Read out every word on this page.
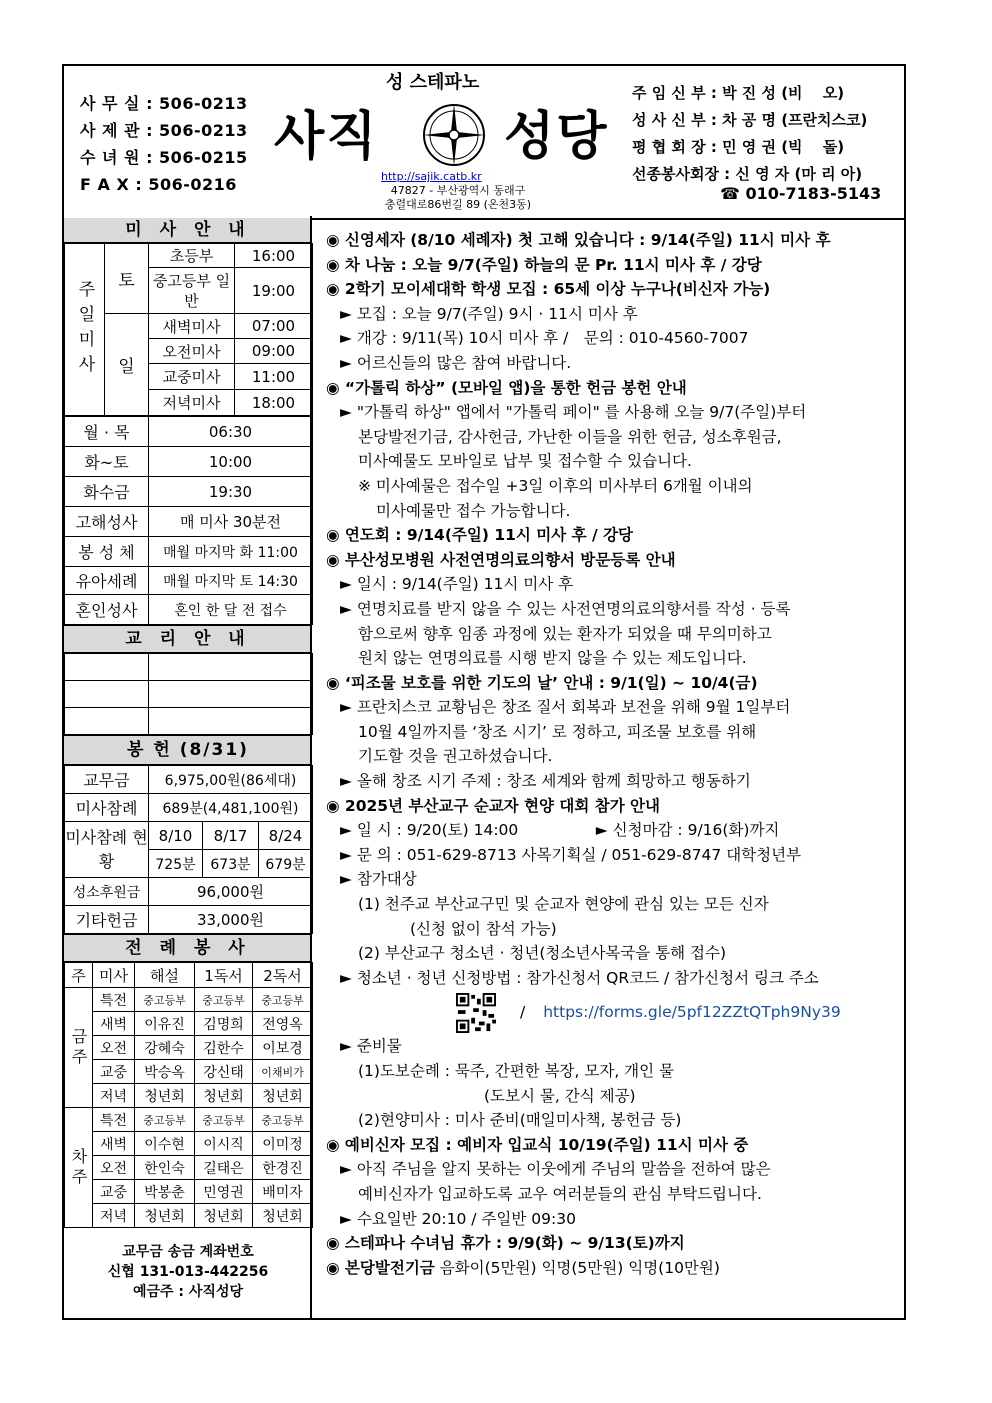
사 무 실 : 506-0213
사 제 관 : 506-0213
수 녀 원 : 506-0215
F A X : 506-0216
성 스테파노
사직 성당
http://sajik.catb.kr
47827 - 부산광역시 동래구
충렬대로86번길 89 (온천3동)
주 임 신 부 : 박 진 성 (비　 오)
성 사 신 부 : 차 공 명 (프란치스코)
평 협 회 장 : 민 영 권 (빅　 돌)
선종봉사회장 : 신 영 자 (마 리 아)
☎ 010-7183-5143
미 사 안 내
주일미사	토	초등부	16:00
		중고등부 일반	19:00
	일	새벽미사	07:00
		오전미사	09:00
		교중미사	11:00
		저녁미사	18:00
월 · 목	06:30
화~토	10:00
화수금	19:30
고해성사	매 미사 30분전
봉 성 체	매월 마지막 화 11:00
유아세례	매월 마지막 토 14:30
혼인성사	혼인 한 달 전 접수
교 리 안 내

봉 헌 (8/31)
교무금	6,975,00원(86세대)		
미사참례	689분(4,481,100원)		
미사참례 현황	8/10	8/17	8/24
	725분	673분	679분
성소후원금	96,000원		
기타헌금	33,000원		
전 례 봉 사
주	미사	해설	1독서	2독서
금주	특전	중고등부	중고등부	중고등부
	새벽	이유진	김명희	전영옥
	오전	강혜숙	김한수	이보경
	교중	박승옥	강신태	이채비가
	저녁	청년회	청년회	청년회
차주	특전	중고등부	중고등부	중고등부
	새벽	이수현	이시직	이미정
	오전	한인숙	길태은	한경진
	교중	박봉춘	민영권	배미자
	저녁	청년회	청년회	청년회
교무금 송금 계좌번호
신협 131-013-442256
예금주 : 사직성당
◉ 신영세자 (8/10 세례자) 첫 고해 있습니다 : 9/14(주일) 11시 미사 후
◉ 차 나눔 : 오늘 9/7(주일) 하늘의 문 Pr. 11시 미사 후 / 강당
◉ 2학기 모이세대학 학생 모집 : 65세 이상 누구나(비신자 가능)
► 모집 : 오늘 9/7(주일) 9시 · 11시 미사 후
► 개강 : 9/11(목) 10시 미사 후 /　문의 : 010-4560-7007
► 어르신들의 많은 참여 바랍니다.
◉ “가톨릭 하상” (모바일 앱)을 통한 헌금 봉헌 안내
► "가톨릭 하상" 앱에서 "가톨릭 페이" 를 사용해 오늘 9/7(주일)부터
본당발전기금, 감사헌금, 가난한 이들을 위한 헌금, 성소후원금,
미사예물도 모바일로 납부 및 접수할 수 있습니다.
※ 미사예물은 접수일 +3일 이후의 미사부터 6개월 이내의
미사예물만 접수 가능합니다.
◉ 연도회 : 9/14(주일) 11시 미사 후 / 강당
◉ 부산성모병원 사전연명의료의향서 방문등록 안내
► 일시 : 9/14(주일) 11시 미사 후
► 연명치료를 받지 않을 수 있는 사전연명의료의향서를 작성 · 등록
함으로써 향후 임종 과정에 있는 환자가 되었을 때 무의미하고
원치 않는 연명의료를 시행 받지 않을 수 있는 제도입니다.
◉ ‘피조물 보호를 위한 기도의 날’ 안내 : 9/1(일) ~ 10/4(금)
► 프란치스코 교황님은 창조 질서 회복과 보전을 위해 9월 1일부터
10월 4일까지를 ‘창조 시기’ 로 정하고, 피조물 보호를 위해
기도할 것을 권고하셨습니다.
► 올해 창조 시기 주제 : 창조 세계와 함께 희망하고 행동하기
◉ 2025년 부산교구 순교자 현양 대회 참가 안내
► 일 시 : 9/20(토) 14:00　　　　　► 신청마감 : 9/16(화)까지
► 문 의 : 051-629-8713 사목기획실 / 051-629-8747 대학청년부
► 참가대상
(1) 천주교 부산교구민 및 순교자 현양에 관심 있는 모든 신자
(신청 없이 참석 가능)
(2) 부산교구 청소년 · 청년(청소년사목국을 통해 접수)
► 청소년 · 청년 신청방법 : 참가신청서 QR코드 / 참가신청서 링크 주소
/ https://forms.gle/5pf12ZZtQTph9Ny39
► 준비물
(1)도보순례 : 묵주, 간편한 복장, 모자, 개인 물
(도보시 물, 간식 제공)
(2)현양미사 : 미사 준비(매일미사책, 봉헌금 등)
◉ 예비신자 모집 : 예비자 입교식 10/19(주일) 11시 미사 중
► 아직 주님을 알지 못하는 이웃에게 주님의 말씀을 전하여 많은
예비신자가 입교하도록 교우 여러분들의 관심 부탁드립니다.
► 수요일반 20:10 / 주일반 09:30
◉ 스테파나 수녀님 휴가 : 9/9(화) ~ 9/13(토)까지
◉ 본당발전기금 음화이(5만원) 익명(5만원) 익명(10만원)
